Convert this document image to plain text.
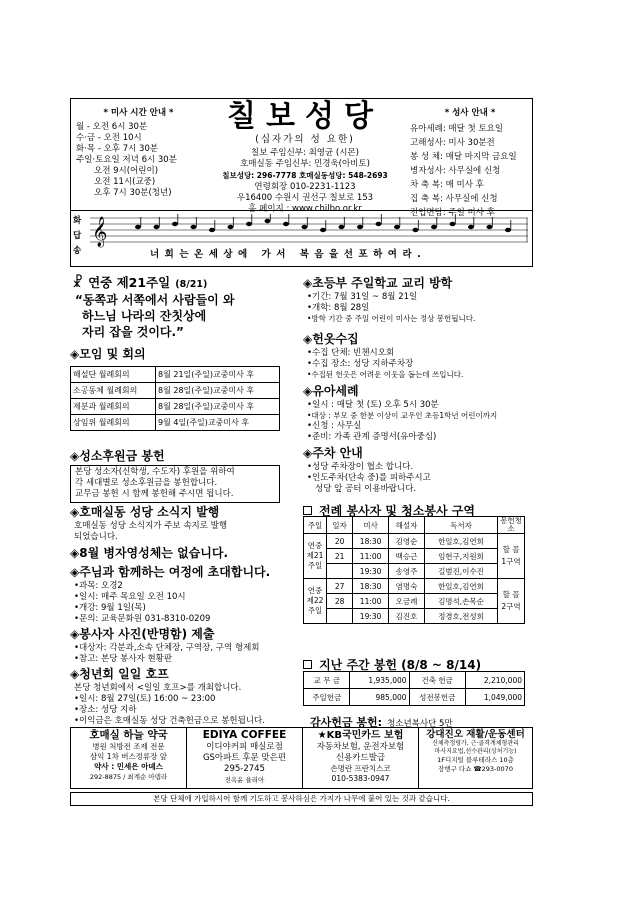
* 미사 시간 안내 *
월 - 오전 6시 30분
수·금 - 오전 10시
화·목 - 오후 7시 30분
주일·토요일 저녁 6시 30분
오전 9시(어린이)
오전 11시(교중)
오후 7시 30분(청년)
칠보성당
(십자가의 성 요한)
칠보 주임신부: 최영균 (시몬)
호매실동 주임신부: 민경욱(아비토)
칠보성당: 296-7778 호매실동성당: 548-2693
연령회장 010-2231-1123
우16400 수원시 권선구 칠보로 153
홈 페이지 : www.chilbo.or.kr
* 성사 안내 *
유아세례: 매달 첫 토요일
고해성사: 미사 30분전
봉 성 체: 매달 마지막 금요일
병자성사: 사무실에 신청
차 축 복: 매 미사 후
집 축 복: 사무실에 신청
전입면담: 주일 미사 후
화답송
𝄞
너희는온세상에 가서 복음을선포하여라.
☧ 연중 제21주일 (8/21)
“동쪽과 서쪽에서 사람들이 와
하느님 나라의 잔칫상에
자리 잡을 것이다.”
◈모임 및 회의
해설단 월례회의	8월 21일(주일)교중미사 후
소공동체 월례회의	8월 28일(주일)교중미사 후
제분과 월례회의	8월 28일(주일)교중미사 후
상임위 월례회의	9월 4일(주일)교중미사 후
◈성소후원금 봉헌
본당 성소자(신학생, 수도자) 후원을 위하여
각 세대별로 성소후원금을 봉헌합니다.
교무금 봉헌 시 함께 봉헌해 주시면 됩니다.
◈호매실동 성당 소식지 발행
호매실동 성당 소식지가 주보 속지로 발행
되었습니다.
◈8월 병자영성체는 없습니다.
◈주님과 함께하는 여정에 초대합니다.
•과목: 오경2
•일시: 매주 목요일 오전 10시
•개강: 9월 1일(목)
•문의: 교육문화원 031-8310-0209
◈봉사자 사진(반명함) 제출
•대상자: 각분과,소속 단체장, 구역장, 구역 형제회
•참고: 본당 봉사자 현황판
◈청년회 일일 호프
본당 청년회에서 <일일 호프>를 개최합니다.
•일시: 8월 27일(토) 16:00 ~ 23:00
•장소: 성당 지하
•이익금은 호매실동 성당 건축헌금으로 봉헌됩니다.
◈초등부 주일학교 교리 방학
•기간: 7월 31일 ~ 8월 21일
•개학: 8월 28일
•방학 기간 중 주일 어린이 미사는 정상 봉헌됩니다.
◈헌옷수집
•수집 단체: 빈첸시오회
•수집 장소: 성당 지하주차장
•수집된 헌옷은 어려운 이웃을 돕는데 쓰입니다.
◈유아세례
•일시 : 매달 첫 (토) 오후 5시 30분
•대상 : 부모 중 한분 이상이 교우인 초등1학년 어린이까지
•신청 : 사무실
•준비: 가족 관계 증명서(유아중심)
◈주차 안내
•성당 주차장이 협소 합니다.
•인도주차(단속 중)를 피하주시고
성당 앞 공터 이용바랍니다.
전례 봉사자 및 청소봉사 구역
주일	일자	미사	해설자	독서자	봉헌청소
연중 제21 주일	20	18:30	김영순	한일호,김연희	할 꼴 1구역
	21	11:00	백승근	임현구,지원희	
		19:30	송영주	길범진,이수진	
연중 제22 주일	27	18:30	염명숙	한일호,김연희	할 꼴 2구역
	28	11:00	오금례	김명석,손목순	
		19:30	김진호	정경호,전성희	
지난 주간 봉헌 (8/8 ~ 8/14)
교 무 금	1,935,000	건축 헌금	2,210,000
주일헌금	985,000	성전봉헌금	1,049,000
감사헌금 봉헌: 청소년복사단 5만
호매실 하늘 약국
병원 처방전 조제 전문
삼익 1차 버스정류장 앞
약사 : 민세은 아녜스
292-8875 / 최계순 아뎁라
EDIYA COFFEE
이디야커피 매실로점
GS아파트 후문 맞은편
295-2745
전옥윤 율리아
★KB국민카드 보험
자동차보험, 운전자보험
신용카드발급
손명란 프란치스코
010-5383-0947
강대진오 재활/운동센터
신체측정평가, 근·골격계체형관리
마사지요법,선수관리(상처기능)
1F디지털 블루테라스 10층
장행구 다쇼 ☎293-0070
본당 단체에 가입하시어 함께 기도하고 봉사하심은 가지가 나무에 붙어 있는 것과 같습니다.
